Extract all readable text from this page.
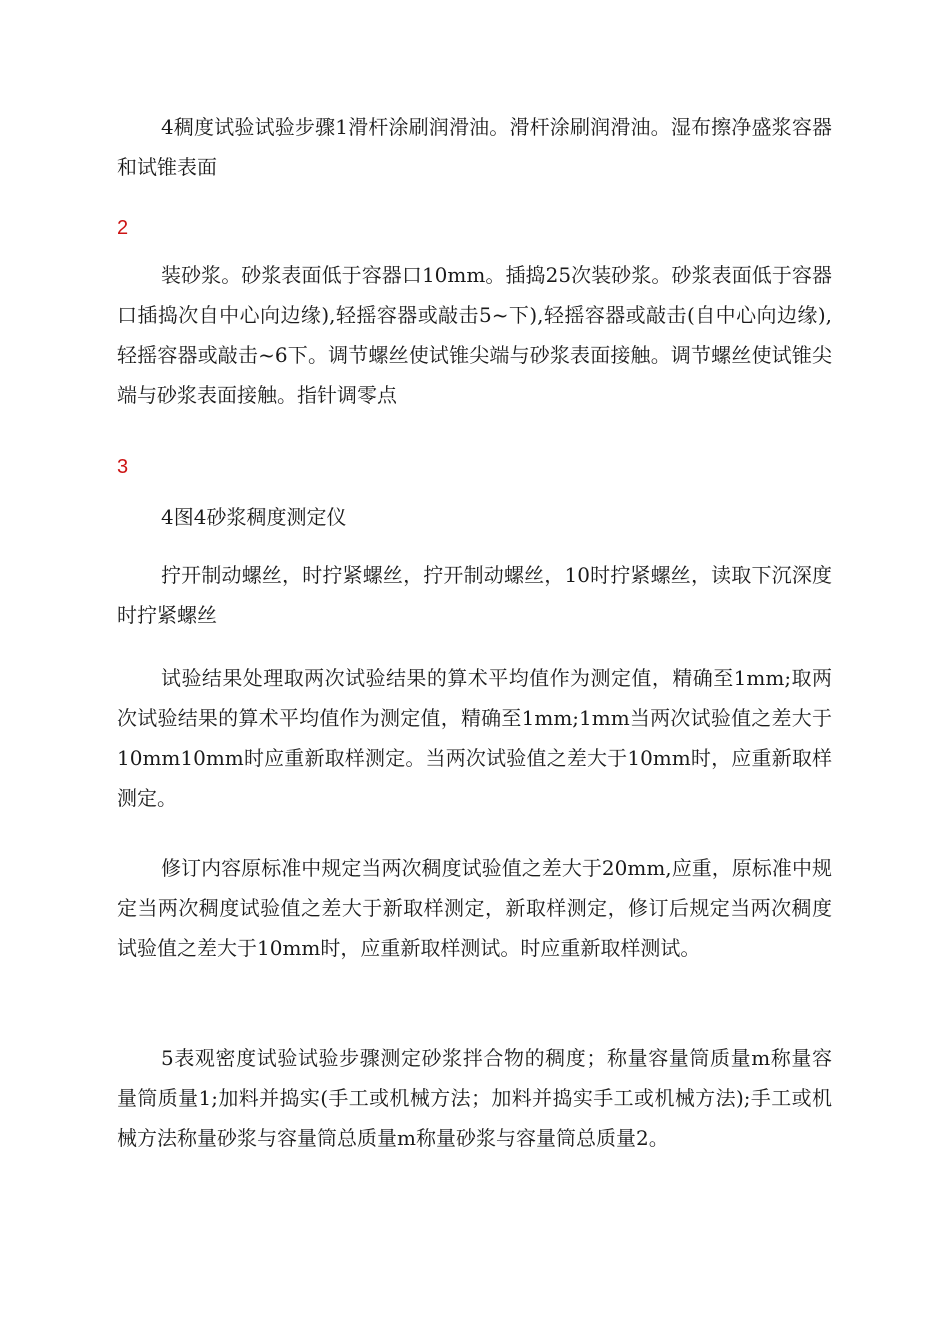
4稠度试验试验步骤1滑杆涂刷润滑油。滑杆涂刷润滑油。湿布擦净盛浆容器和试锥表面

2

装砂浆。砂浆表面低于容器口10mm。插捣25次装砂浆。砂浆表面低于容器口插捣次自中心向边缘),轻摇容器或敲击5~下),轻摇容器或敲击(自中心向边缘),轻摇容器或敲击~6下。调节螺丝使试锥尖端与砂浆表面接触。调节螺丝使试锥尖端与砂浆表面接触。指针调零点

3

4图4砂浆稠度测定仪

拧开制动螺丝，时拧紧螺丝，拧开制动螺丝，10时拧紧螺丝，读取下沉深度时拧紧螺丝

试验结果处理取两次试验结果的算术平均值作为测定值，精确至1mm;取两次试验结果的算术平均值作为测定值，精确至1mm;1mm当两次试验值之差大于10mm10mm时应重新取样测定。当两次试验值之差大于10mm时，应重新取样测定。

修订内容原标准中规定当两次稠度试验值之差大于20mm,应重，原标准中规定当两次稠度试验值之差大于新取样测定，新取样测定，修订后规定当两次稠度试验值之差大于10mm时，应重新取样测试。时应重新取样测试。

5表观密度试验试验步骤测定砂浆拌合物的稠度；称量容量筒质量m称量容量筒质量1;加料并捣实(手工或机械方法；加料并捣实手工或机械方法);手工或机械方法称量砂浆与容量筒总质量m称量砂浆与容量筒总质量2。
